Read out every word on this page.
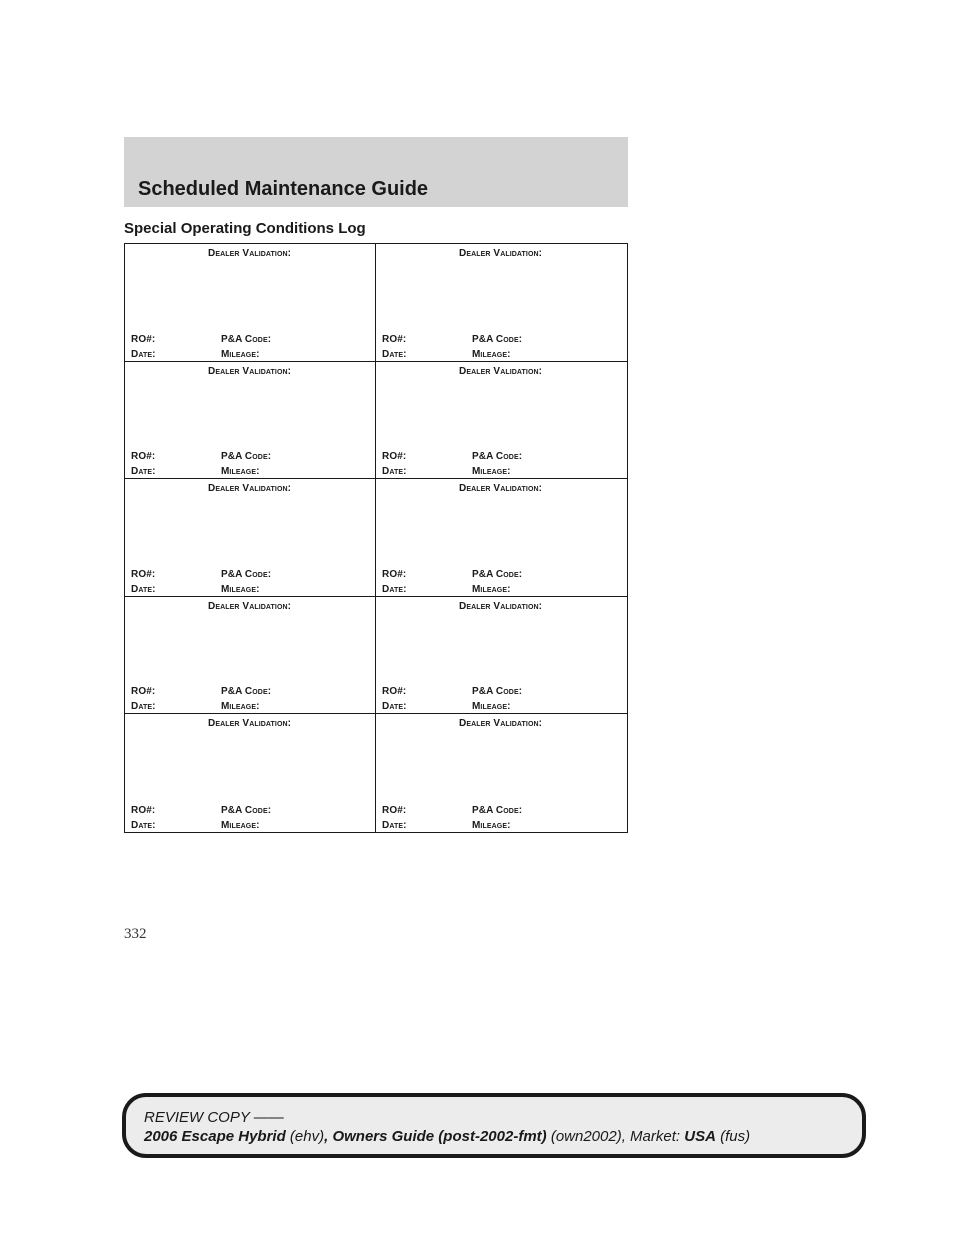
Scheduled Maintenance Guide
Special Operating Conditions Log
Dealer Validation:
RO#:	P&A Code:
Date:	Mileage:
Dealer Validation:
RO#:	P&A Code:
Date:	Mileage:
Dealer Validation:
RO#:	P&A Code:
Date:	Mileage:
Dealer Validation:
RO#:	P&A Code:
Date:	Mileage:
Dealer Validation:
RO#:	P&A Code:
Date:	Mileage:
Dealer Validation:
RO#:	P&A Code:
Date:	Mileage:
Dealer Validation:
RO#:	P&A Code:
Date:	Mileage:
Dealer Validation:
RO#:	P&A Code:
Date:	Mileage:
Dealer Validation:
RO#:	P&A Code:
Date:	Mileage:
Dealer Validation:
RO#:	P&A Code:
Date:	Mileage:
332
REVIEW COPY ——
2006 Escape Hybrid (ehv), Owners Guide (post-2002-fmt) (own2002), Market: USA (fus)
